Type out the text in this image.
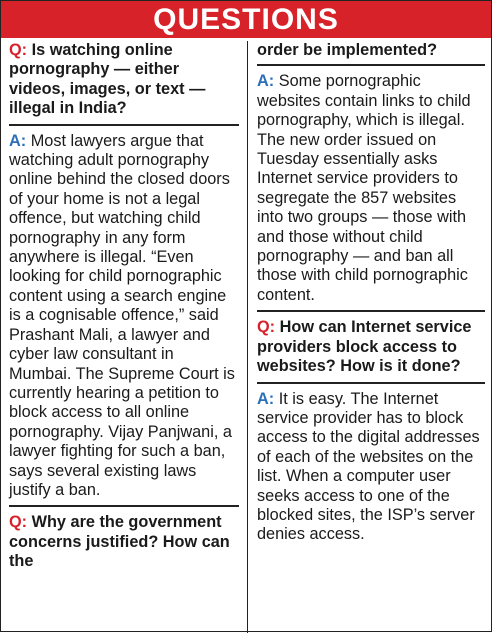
QUESTIONS

Q: Is watching online pornography — either videos, images, or text — illegal in India?

A: Most lawyers argue that watching adult pornography online behind the closed doors of your home is not a legal offence, but watching child pornography in any form anywhere is illegal. “Even looking for child pornographic content using a search engine is a cognisable offence,” said Prashant Mali, a lawyer and cyber law consultant in Mumbai. The Supreme Court is currently hearing a petition to block access to all online pornography. Vijay Panjwani, a lawyer fighting for such a ban, says several existing laws justify a ban.

Q: Why are the government concerns justified? How can the

order be implemented?

A: Some pornographic websites contain links to child pornography, which is illegal. The new order issued on Tuesday essentially asks Internet service providers to segregate the 857 websites into two groups — those with and those without child pornography — and ban all those with child pornographic content.

Q: How can Internet service providers block access to websites? How is it done?

A: It is easy. The Internet service provider has to block access to the digital addresses of each of the websites on the list. When a computer user seeks access to one of the blocked sites, the ISP’s server denies access.
